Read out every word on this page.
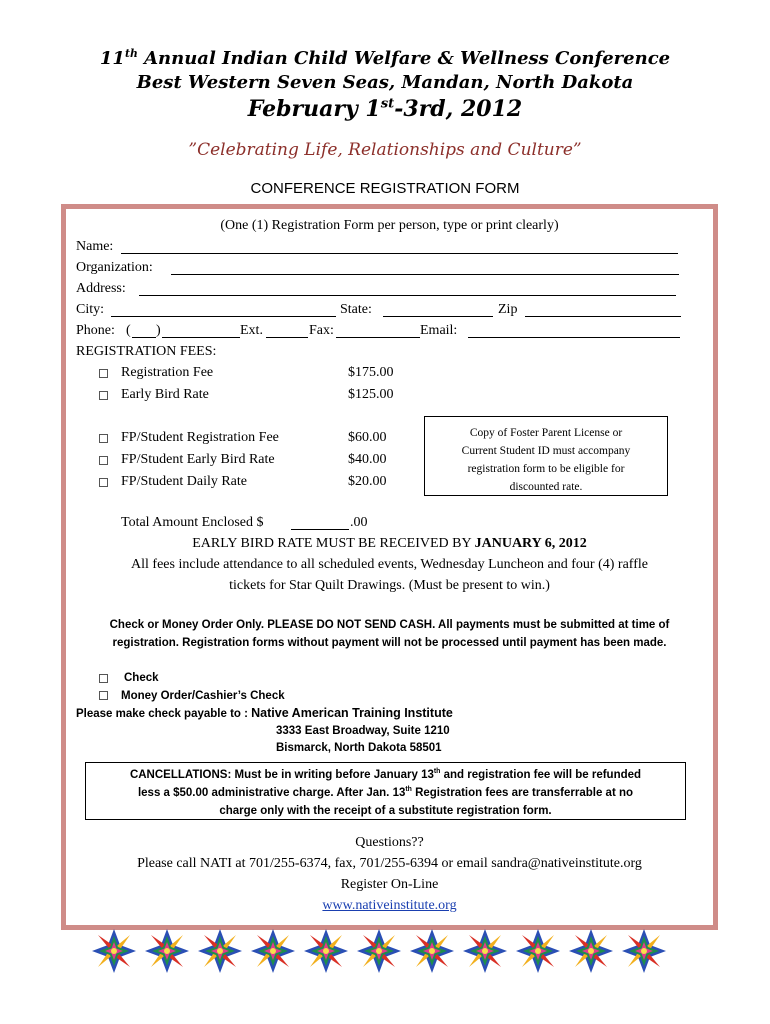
11th Annual Indian Child Welfare & Wellness Conference
Best Western Seven Seas, Mandan, North Dakota
February 1st-3rd, 2012
”Celebrating Life, Relationships and Culture”
CONFERENCE REGISTRATION FORM
(One (1) Registration Form per person, type or print clearly)
Name:
Organization:
Address:
City:	State:	Zip
Phone: ( )	Ext.	Fax:	Email:
REGISTRATION FEES:
Registration Fee	$175.00
Early Bird Rate	$125.00
FP/Student Registration Fee	$60.00
FP/Student Early Bird Rate	$40.00
FP/Student Daily Rate	$20.00
Copy of Foster Parent License or
Current Student ID must accompany
registration form to be eligible for
discounted rate.
Total Amount Enclosed $	.00
EARLY BIRD RATE MUST BE RECEIVED BY JANUARY 6, 2012
All fees include attendance to all scheduled events, Wednesday Luncheon and four (4) raffle
tickets for Star Quilt Drawings. (Must be present to win.)
Check or Money Order Only. PLEASE DO NOT SEND CASH. All payments must be submitted at time of
registration. Registration forms without payment will not be processed until payment has been made.
Check
Money Order/Cashier’s Check
Please make check payable to : Native American Training Institute
3333 East Broadway, Suite 1210
Bismarck, North Dakota 58501
CANCELLATIONS: Must be in writing before January 13th and registration fee will be refunded
less a $50.00 administrative charge. After Jan. 13th Registration fees are transferrable at no
charge only with the receipt of a substitute registration form.
Questions??
Please call NATI at 701/255-6374, fax, 701/255-6394 or email sandra@nativeinstitute.org
Register On-Line
www.nativeinstitute.org
